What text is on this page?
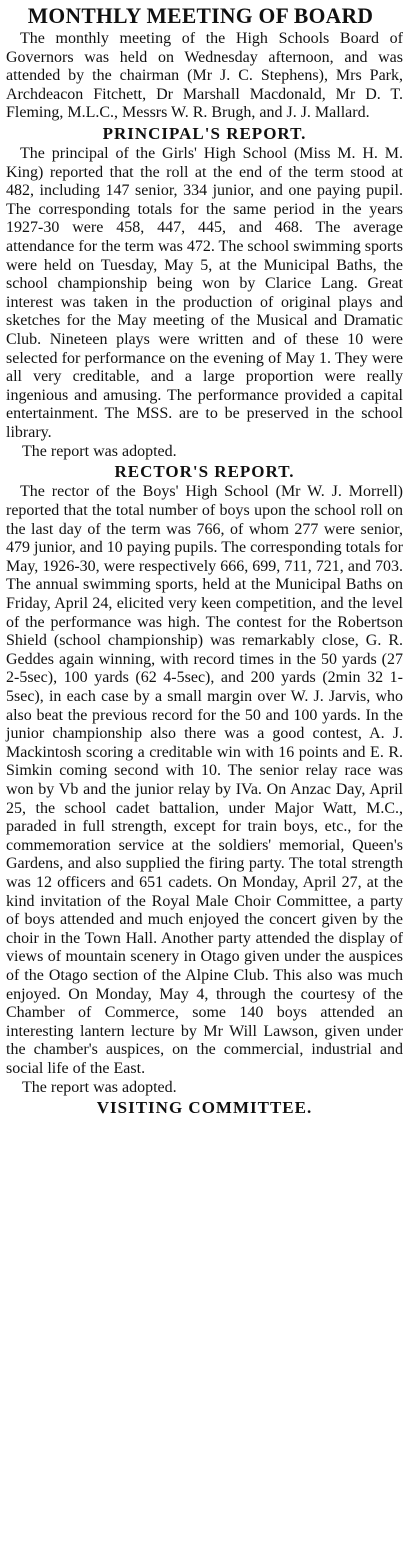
MONTHLY MEETING OF BOARD

The monthly meeting of the High Schools Board of Governors was held on Wednesday afternoon, and was attended by the chairman (Mr J. C. Stephens), Mrs Park, Archdeacon Fitchett, Dr Marshall Macdonald, Mr D. T. Fleming, M.L.C., Messrs W. R. Brugh, and J. J. Mallard.

PRINCIPAL'S REPORT.

The principal of the Girls' High School (Miss M. H. M. King) reported that the roll at the end of the term stood at 482, including 147 senior, 334 junior, and one paying pupil. The corresponding totals for the same period in the years 1927-30 were 458, 447, 445, and 468. The average attendance for the term was 472. The school swimming sports were held on Tuesday, May 5, at the Municipal Baths, the school championship being won by Clarice Lang. Great interest was taken in the production of original plays and sketches for the May meeting of the Musical and Dramatic Club. Nineteen plays were written and of these 10 were selected for performance on the evening of May 1. They were all very creditable, and a large proportion were really ingenious and amusing. The performance provided a capital entertainment. The MSS. are to be preserved in the school library.

The report was adopted.

RECTOR'S REPORT.

The rector of the Boys' High School (Mr W. J. Morrell) reported that the total number of boys upon the school roll on the last day of the term was 766, of whom 277 were senior, 479 junior, and 10 paying pupils. The corresponding totals for May, 1926-30, were respectively 666, 699, 711, 721, and 703. The annual swimming sports, held at the Municipal Baths on Friday, April 24, elicited very keen competition, and the level of the performance was high. The contest for the Robertson Shield (school championship) was remarkably close, G. R. Geddes again winning, with record times in the 50 yards (27 2-5sec), 100 yards (62 4-5sec), and 200 yards (2min 32 1-5sec), in each case by a small margin over W. J. Jarvis, who also beat the previous record for the 50 and 100 yards. In the junior championship also there was a good contest, A. J. Mackintosh scoring a creditable win with 16 points and E. R. Simkin coming second with 10. The senior relay race was won by Vb and the junior relay by IVa. On Anzac Day, April 25, the school cadet battalion, under Major Watt, M.C., paraded in full strength, except for train boys, etc., for the commemoration service at the soldiers' memorial, Queen's Gardens, and also supplied the firing party. The total strength was 12 officers and 651 cadets. On Monday, April 27, at the kind invitation of the Royal Male Choir Committee, a party of boys attended and much enjoyed the concert given by the choir in the Town Hall. Another party attended the display of views of mountain scenery in Otago given under the auspices of the Otago section of the Alpine Club. This also was much enjoyed. On Monday, May 4, through the courtesy of the Chamber of Commerce, some 140 boys attended an interesting lantern lecture by Mr Will Lawson, given under the chamber's auspices, on the commercial, industrial and social life of the East.

The report was adopted.

VISITING COMMITTEE.
